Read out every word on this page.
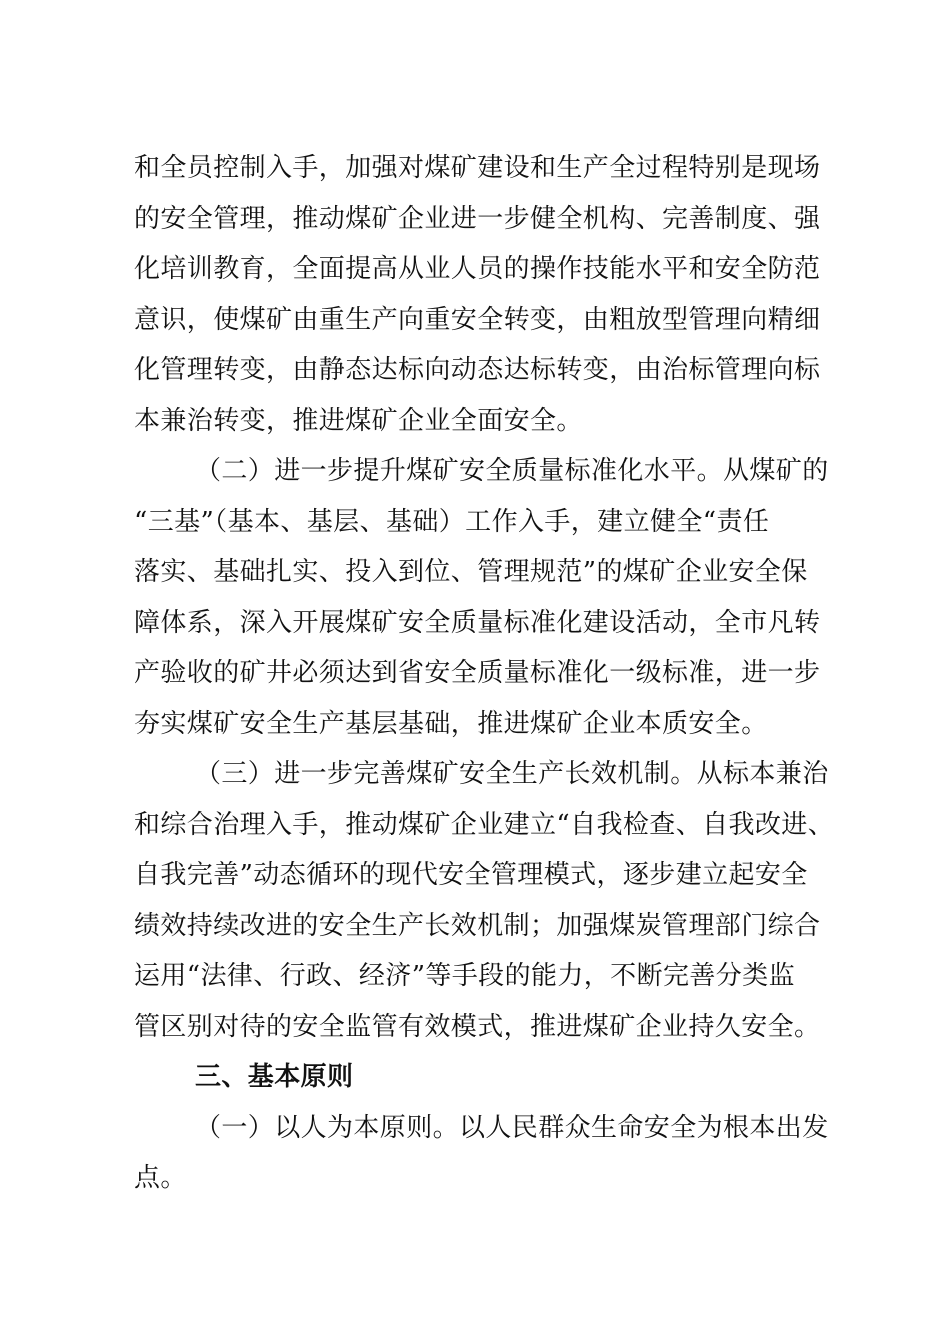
和全员控制入手，加强对煤矿建设和生产全过程特别是现场
的安全管理，推动煤矿企业进一步健全机构、完善制度、强
化培训教育，全面提高从业人员的操作技能水平和安全防范
意识，使煤矿由重生产向重安全转变，由粗放型管理向精细
化管理转变，由静态达标向动态达标转变，由治标管理向标
本兼治转变，推进煤矿企业全面安全。

（二）进一步提升煤矿安全质量标准化水平。从煤矿的
“三基”（基本、基层、基础）工作入手，建立健全“责任
落实、基础扎实、投入到位、管理规范”的煤矿企业安全保
障体系，深入开展煤矿安全质量标准化建设活动，全市凡转
产验收的矿井必须达到省安全质量标准化一级标准，进一步
夯实煤矿安全生产基层基础，推进煤矿企业本质安全。

（三）进一步完善煤矿安全生产长效机制。从标本兼治
和综合治理入手，推动煤矿企业建立“自我检查、自我改进、
自我完善”动态循环的现代安全管理模式，逐步建立起安全
绩效持续改进的安全生产长效机制；加强煤炭管理部门综合
运用“法律、行政、经济”等手段的能力，不断完善分类监
管区别对待的安全监管有效模式，推进煤矿企业持久安全。

三、基本原则

（一）以人为本原则。以人民群众生命安全为根本出发
点。
